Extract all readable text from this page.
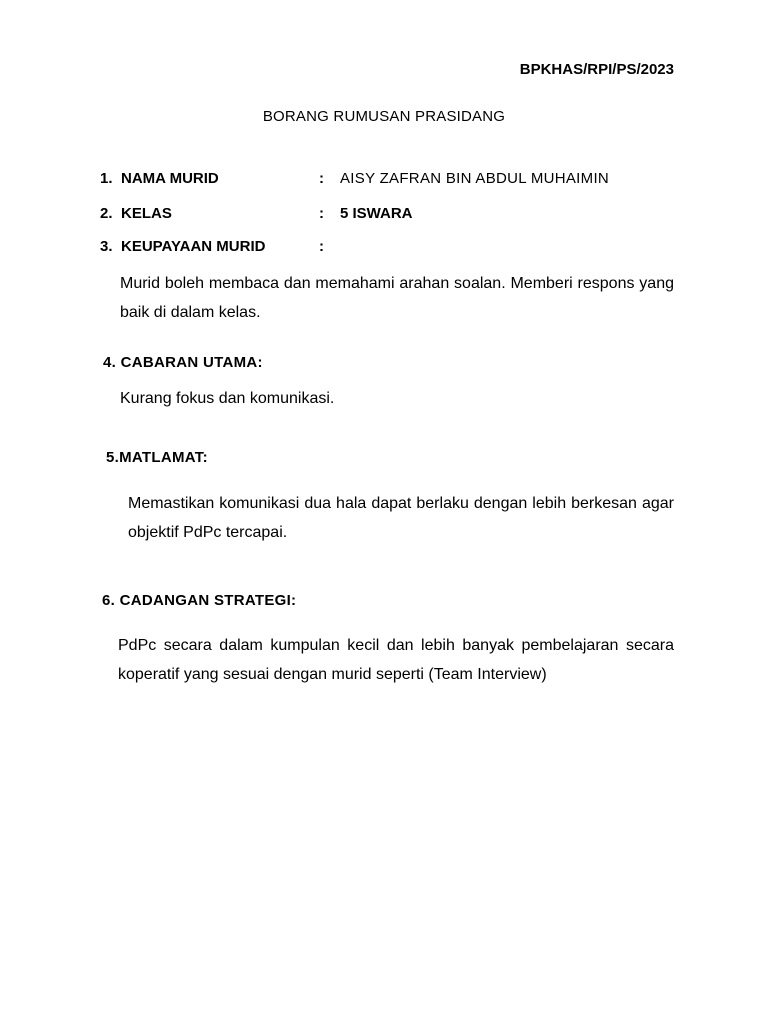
BPKHAS/RPI/PS/2023
BORANG RUMUSAN PRASIDANG
1. NAMA MURID	: AISY ZAFRAN BIN ABDUL MUHAIMIN
2. KELAS	: 5 ISWARA
3. KEUPAYAAN MURID	:
Murid boleh membaca dan memahami arahan soalan. Memberi respons yang baik di dalam kelas.
4. CABARAN UTAMA:
Kurang fokus dan komunikasi.
5.MATLAMAT:
Memastikan komunikasi dua hala dapat berlaku dengan lebih berkesan agar objektif PdPc tercapai.
6. CADANGAN STRATEGI:
PdPc secara dalam kumpulan kecil dan lebih banyak pembelajaran secara koperatif yang sesuai dengan murid seperti (Team Interview)
